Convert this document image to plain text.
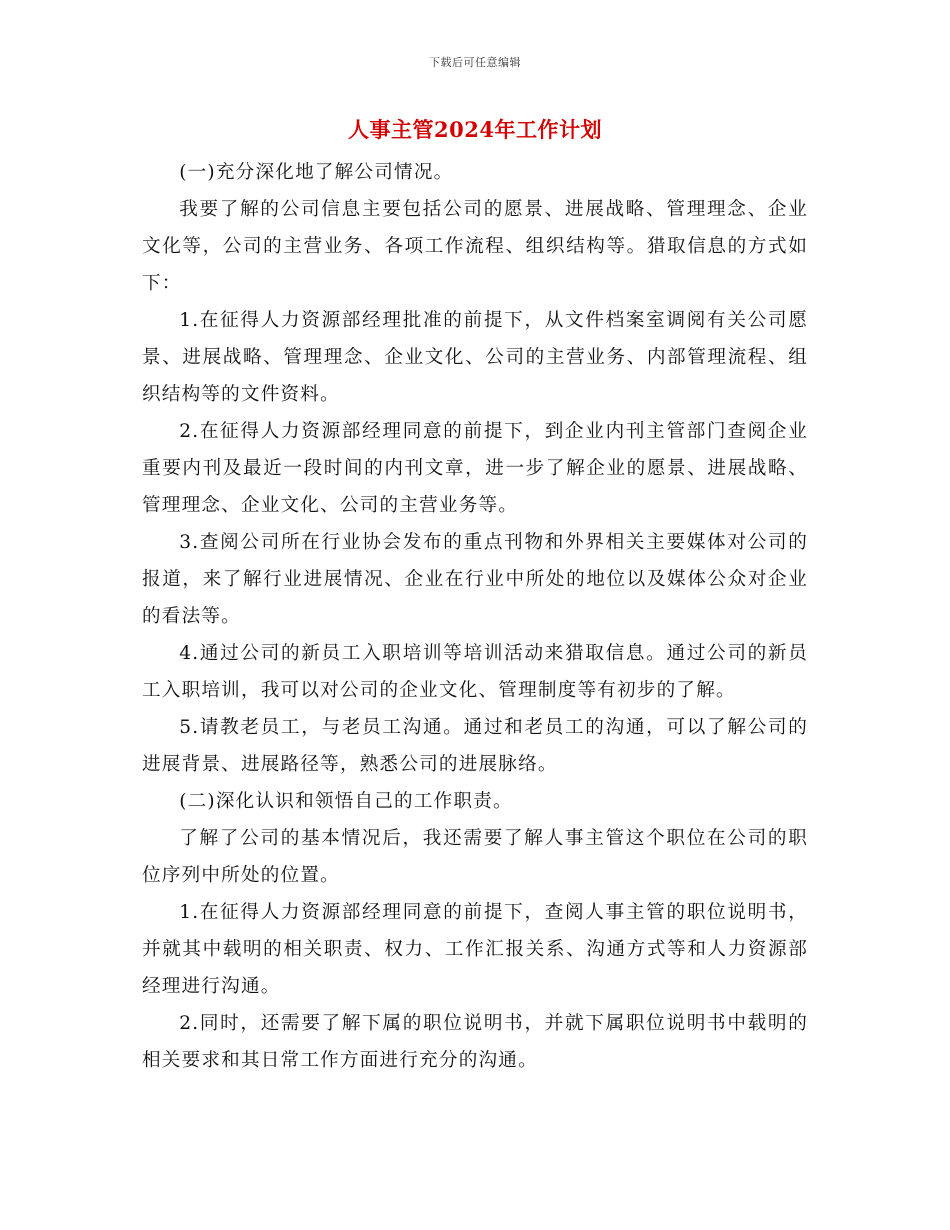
下载后可任意编辑
人事主管2024年工作计划

(一)充分深化地了解公司情况。

我要了解的公司信息主要包括公司的愿景、进展战略、管理理念、企业文化等，公司的主营业务、各项工作流程、组织结构等。猎取信息的方式如下：

1.在征得人力资源部经理批准的前提下，从文件档案室调阅有关公司愿景、进展战略、管理理念、企业文化、公司的主营业务、内部管理流程、组织结构等的文件资料。

2.在征得人力资源部经理同意的前提下，到企业内刊主管部门查阅企业重要内刊及最近一段时间的内刊文章，进一步了解企业的愿景、进展战略、管理理念、企业文化、公司的主营业务等。

3.查阅公司所在行业协会发布的重点刊物和外界相关主要媒体对公司的报道，来了解行业进展情况、企业在行业中所处的地位以及媒体公众对企业的看法等。

4.通过公司的新员工入职培训等培训活动来猎取信息。通过公司的新员工入职培训，我可以对公司的企业文化、管理制度等有初步的了解。

5.请教老员工，与老员工沟通。通过和老员工的沟通，可以了解公司的进展背景、进展路径等，熟悉公司的进展脉络。

(二)深化认识和领悟自己的工作职责。

了解了公司的基本情况后，我还需要了解人事主管这个职位在公司的职位序列中所处的位置。

1.在征得人力资源部经理同意的前提下，查阅人事主管的职位说明书，并就其中载明的相关职责、权力、工作汇报关系、沟通方式等和人力资源部经理进行沟通。

2.同时，还需要了解下属的职位说明书，并就下属职位说明书中载明的相关要求和其日常工作方面进行充分的沟通。
